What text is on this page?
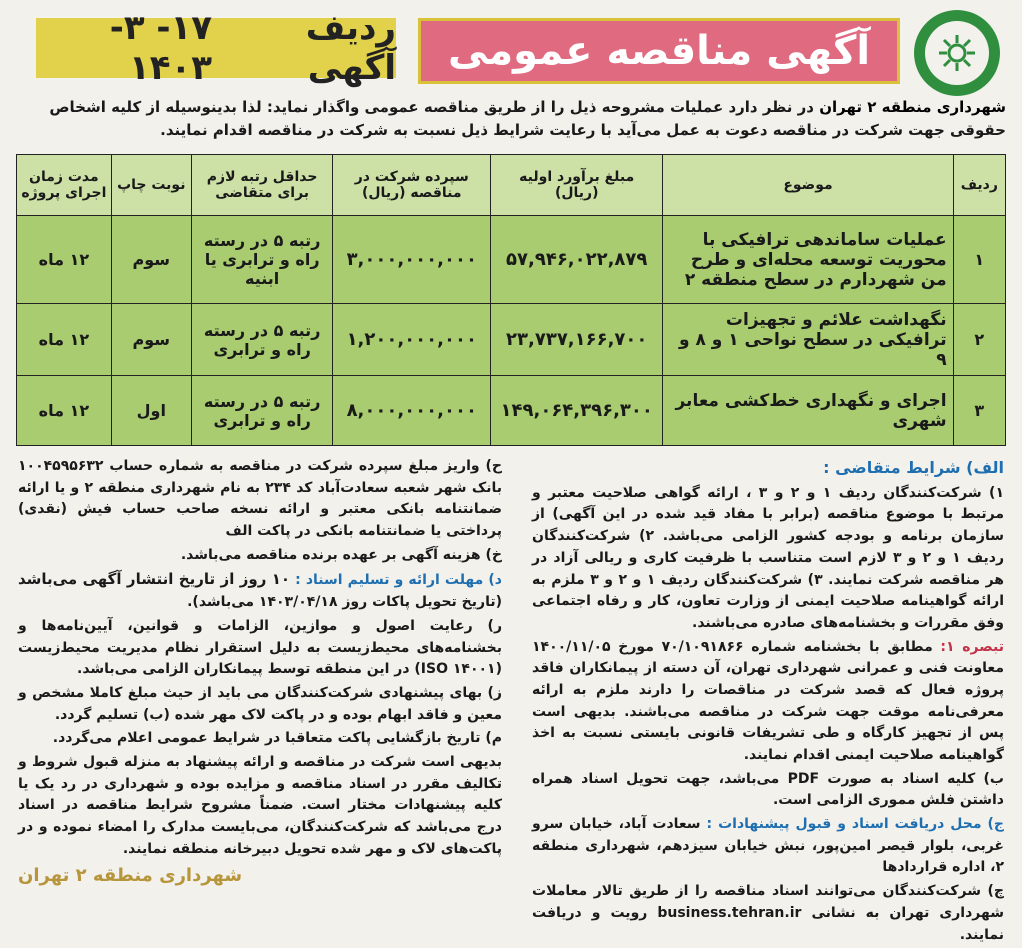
آگهی مناقصه عمومی
ردیف آگهی
۱۷- ۳- ۱۴۰۳
شهرداری منطقه ۲ تهران در نظر دارد عملیات مشروحه ذیل را از طریق مناقصه عمومی واگذار نماید: لذا بدینوسیله از کلیه اشخاص حقوقی جهت شرکت در مناقصه دعوت به عمل می‌آید با رعایت شرایط ذیل نسبت به شرکت در مناقصه اقدام نمایند.
ردیف	موضوع	مبلغ برآورد اولیه (ریال)	سپرده شرکت در مناقصه (ریال)	حداقل رتبه لازم برای متقاضی	نوبت چاپ	مدت زمان اجرای پروژه
۱	عملیات ساماندهی ترافیکی با محوریت توسعه محله‌ای و طرح من شهردارم در سطح منطقه ۲	۵۷,۹۴۶,۰۲۲,۸۷۹	۳,۰۰۰,۰۰۰,۰۰۰	رتبه ۵ در رسته راه و ترابری یا ابنیه	سوم	۱۲ ماه
۲	نگهداشت علائم و تجهیزات ترافیکی در سطح نواحی ۱ و ۸ و ۹	۲۳,۷۳۷,۱۶۶,۷۰۰	۱,۲۰۰,۰۰۰,۰۰۰	رتبه ۵ در رسته راه و ترابری	سوم	۱۲ ماه
۳	اجرای و نگهداری خط‌کشی معابر شهری	۱۴۹,۰۶۴,۳۹۶,۳۰۰	۸,۰۰۰,۰۰۰,۰۰۰	رتبه ۵ در رسته راه و ترابری	اول	۱۲ ماه

الف) شرایط متقاضی :

۱) شرکت‌کنندگان ردیف ۱ و ۲ و ۳ ، ارائه گواهی صلاحیت معتبر و مرتبط با موضوع مناقصه (برابر با مفاد قید شده در این آگهی) از سازمان برنامه و بودجه کشور الزامی می‌باشد. ۲) شرکت‌کنندگان ردیف ۱ و ۲ و ۳ لازم است متناسب با ظرفیت کاری و ریالی آزاد در هر مناقصه شرکت نمایند. ۳) شرکت‌کنندگان ردیف ۱ و ۲ و ۳ ملزم به ارائه گواهینامه صلاحیت ایمنی از وزارت تعاون، کار و رفاه اجتماعی وفق مقررات و بخشنامه‌های صادره می‌باشند.

تبصره ۱: مطابق با بخشنامه شماره ۷۰/۱۰۹۱۸۶۶ مورخ ۱۴۰۰/۱۱/۰۵ معاونت فنی و عمرانی شهرداری تهران، آن دسته از پیمانکاران فاقد پروژه فعال که قصد شرکت در مناقصات را دارند ملزم به ارائه معرفی‌نامه موقت جهت شرکت در مناقصه می‌باشند. بدیهی است پس از تجهیز کارگاه و طی تشریفات قانونی بایستی نسبت به اخذ گواهینامه صلاحیت ایمنی اقدام نمایند.

ب) کلیه اسناد به صورت PDF می‌باشد، جهت تحویل اسناد همراه داشتن فلش مموری الزامی است.

ج) محل دریافت اسناد و قبول پیشنهادات : سعادت آباد، خیابان سرو غربی، بلوار قیصر امین‌پور، نبش خیابان سیزدهم، شهرداری منطقه ۲، اداره قراردادها

چ) شرکت‌کنندگان می‌توانند اسناد مناقصه را از طریق تالار معاملات شهرداری تهران به نشانی business.tehran.ir رویت و دریافت نمایند.

ح) واریز مبلغ سپرده شرکت در مناقصه به شماره حساب ۱۰۰۴۵۹۵۶۳۲ بانک شهر شعبه سعادت‌آباد کد ۲۳۴ به نام شهرداری منطقه ۲ و یا ارائه ضمانتنامه بانکی معتبر و ارائه نسخه صاحب حساب فیش (نقدی) پرداختی یا ضمانتنامه بانکی در پاکت الف

خ) هزینه آگهی بر عهده برنده مناقصه می‌باشد.

د) مهلت ارائه و تسلیم اسناد : ۱۰ روز از تاریخ انتشار آگهی می‌باشد (تاریخ تحویل پاکات روز ۱۴۰۳/۰۴/۱۸ می‌باشد).

ر) رعایت اصول و موازین، الزامات و قوانین، آیین‌نامه‌ها و بخشنامه‌های محیط‌زیست به دلیل استقرار نظام مدیریت محیط‌زیست (ISO ۱۴۰۰۱) در این منطقه توسط پیمانکاران الزامی می‌باشد.

ز) بهای پیشنهادی شرکت‌کنندگان می باید از حیث مبلغ کاملا مشخص و معین و فاقد ابهام بوده و در پاکت لاک مهر شده (ب) تسلیم گردد.

م) تاریخ بازگشایی پاکت متعاقبا در شرایط عمومی اعلام می‌گردد.

بدیهی است شرکت در مناقصه و ارائه پیشنهاد به منزله قبول شروط و تکالیف مقرر در اسناد مناقصه و مزایده بوده و شهرداری در رد یک یا کلیه پیشنهادات مختار است. ضمناً مشروح شرایط مناقصه در اسناد درج می‌باشد که شرکت‌کنندگان، می‌بایست مدارک را امضاء نموده و در پاکت‌های لاک و مهر شده تحویل دبیرخانه منطقه نمایند.

شهرداری منطقه ۲ تهران
